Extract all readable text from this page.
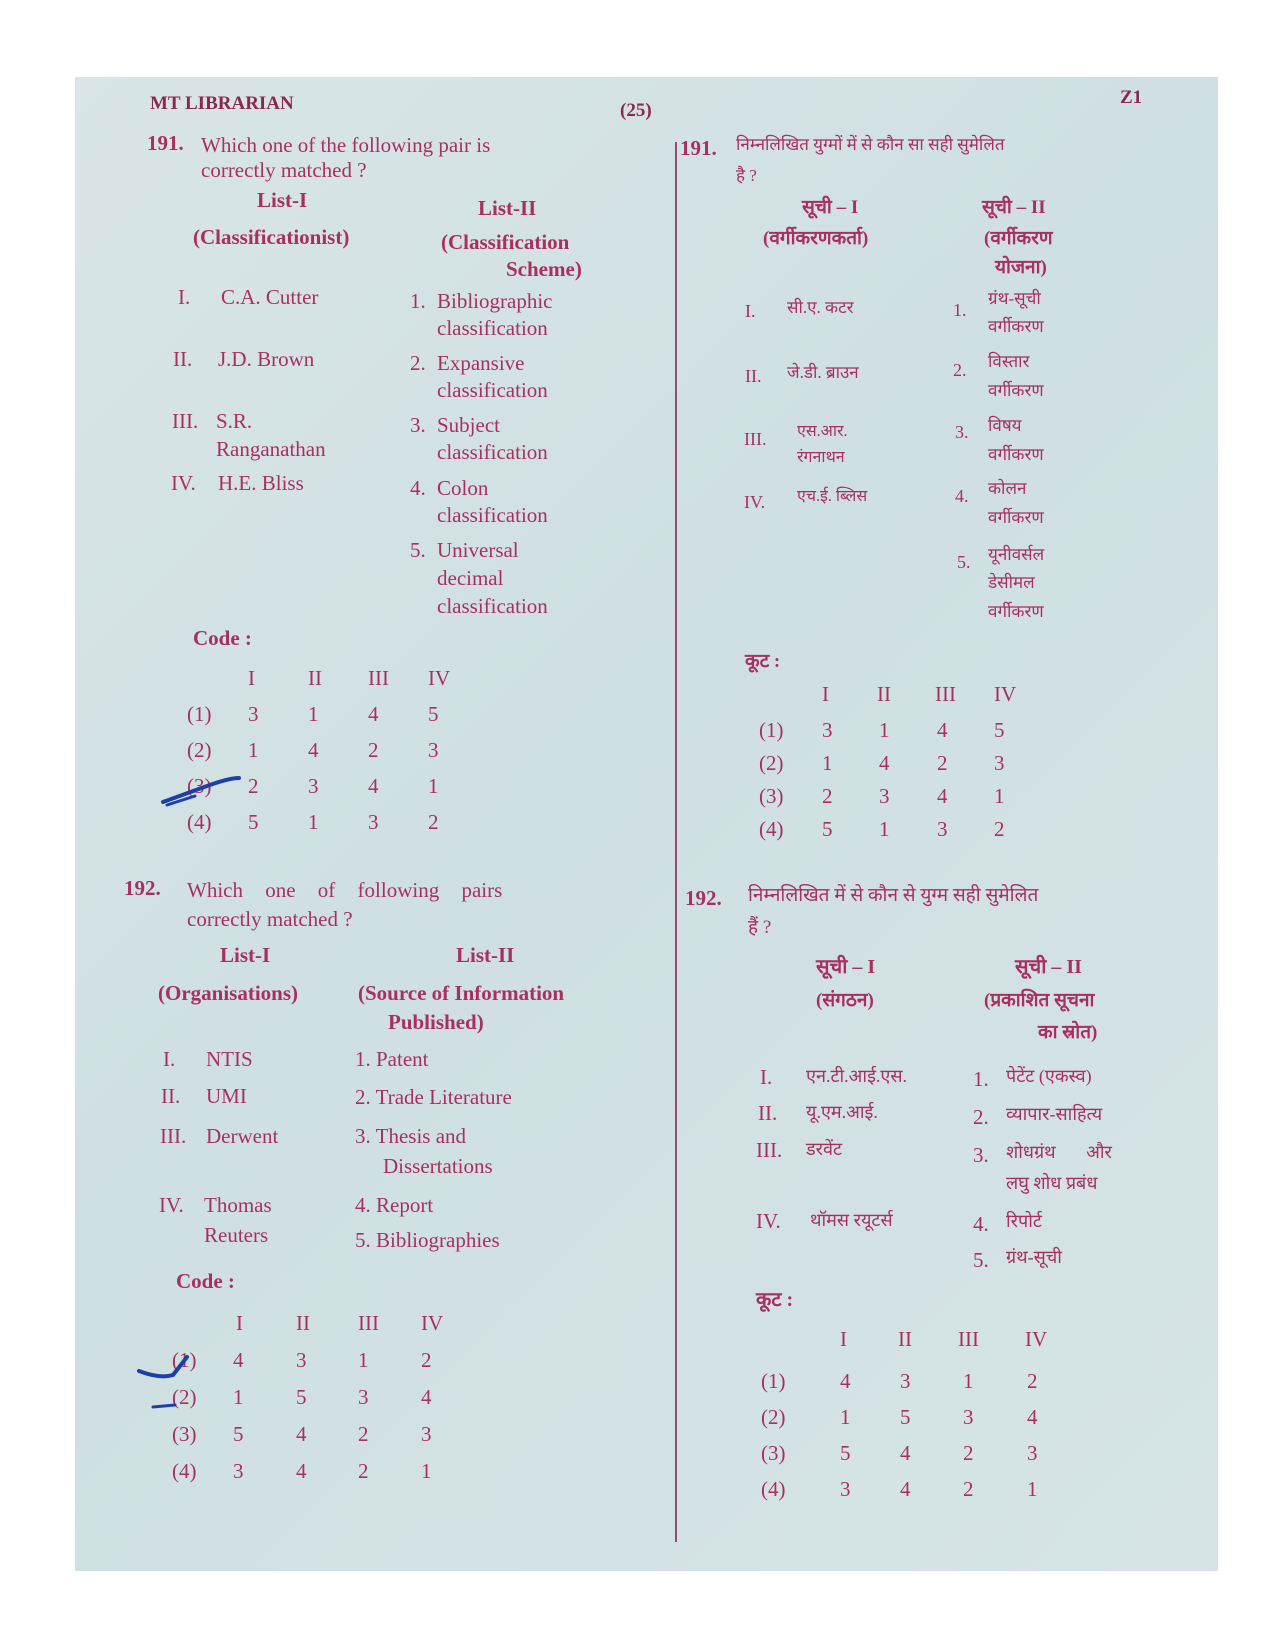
MT LIBRARIAN	(25)
Z1
191. Which one of the following pair is
correctly matched ?
List-I
(Classificationist)
List-II
(Classification
Scheme)
I. C.A. Cutter
II. J.D. Brown
III. S.R.
Ranganathan
IV. H.E. Bliss
1. Bibliographic
classification
2. Expansive
classification
3. Subject
classification
4. Colon
classification
5. Universal
decimal
classification
Code :
I	II III IV
(1) 3 1 4 5
(2) 1 4 2 3
(3) 2 3 4 1
(4) 5 1 3 2
192. Which one of following pairs
correctly matched ?
List-I
(Organisations)
List-II
(Source of Information
Published)
I. NTIS
II. UMI
III. Derwent
IV. Thomas
Reuters
1. Patent
2. Trade Literature
3. Thesis and
Dissertations
4. Report
5. Bibliographies
Code :
I	II III IV
(1) 4	3 1	2
(2) 1	5 3	4
(3) 5	4 2	3
(4) 3	4 2	1
191. निम्नलिखित युग्मों में से कौन सा सही सुमेलित
है ?
सूची – I
(वर्गीकरणकर्ता)
सूची – II
(वर्गीकरण
योजना)
I. सी.ए. कटर
II. जे.डी. ब्राउन
III. एस.आर.
रंगनाथन
IV. एच.ई. ब्लिस
1.
ग्रंथ-सूची
वर्गीकरण
2. विस्तार
वर्गीकरण
3. विषय
वर्गीकरण
4. कोलन
वर्गीकरण
5. यूनीवर्सल
डेसीमल
वर्गीकरण
कूट :
I II III IV
(1) 3 1 4 5
(2) 1 4 2 3
(3) 2 3 4 1
(4) 5 1 3 2
192. निम्नलिखित में से कौन से युग्म सही सुमेलित
हैं ?
सूची – I
(संगठन)
सूची – II
(प्रकाशित सूचना
का स्रोत)
I. एन.टी.आई.एस.
II. यू.एम.आई.
III. डरवेंट
IV. थॉमस रयूटर्स
1. पेटेंट (एकस्व)
2. व्यापार-साहित्य
3. शोधग्रंथ और
लघु शोध प्रबंध
4. रिपोर्ट
5. ग्रंथ-सूची
कूट :
I II III IV
(1)	4 3	1	2
(2)	1 5	3	4
(3)	5 4	2	3
(4)	3 4	2	1
